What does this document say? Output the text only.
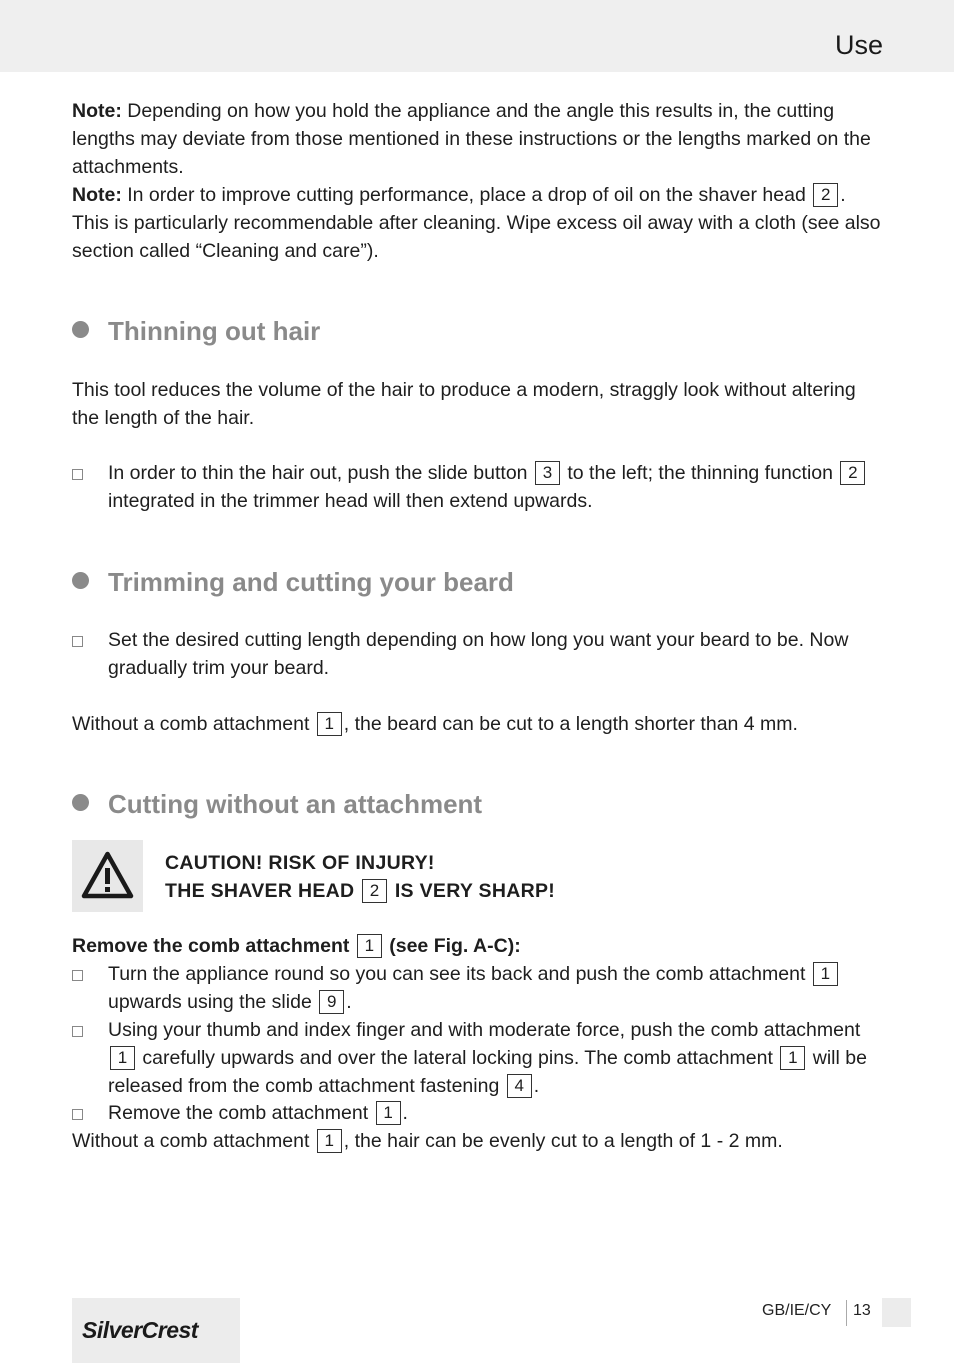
Use
Note: Depending on how you hold the appliance and the angle this results in, the cutting lengths may deviate from those mentioned in these instructions or the lengths marked on the attachments.
Note: In order to improve cutting performance, place a drop of oil on the shaver head 2 . This is particularly recommendable after cleaning. Wipe excess oil away with a cloth (see also section called “Cleaning and care”).
Thinning out hair
This tool reduces the volume of the hair to produce a modern, straggly look without altering the length of the hair.
In order to thin the hair out, push the slide button 3 to the left; the thinning function 2 integrated in the trimmer head will then extend upwards.
Trimming and cutting your beard
Set the desired cutting length depending on how long you want your beard to be. Now gradually trim your beard.
Without a comb attachment 1 , the beard can be cut to a length shorter than 4 mm.
Cutting without an attachment
CAUTION! RISK OF INJURY!
THE SHAVER HEAD 2 IS VERY SHARP!
Remove the comb attachment 1 (see Fig. A-C):
Turn the appliance round so you can see its back and push the comb attachment 1 upwards using the slide 9 .
Using your thumb and index finger and with moderate force, push the comb attachment 1 carefully upwards and over the lateral locking pins. The comb attachment 1 will be released from the comb attachment fastening 4 .
Remove the comb attachment 1 .
Without a comb attachment 1 , the hair can be evenly cut to a length of 1 - 2 mm.
SilverCrest
GB/IE/CY 13
